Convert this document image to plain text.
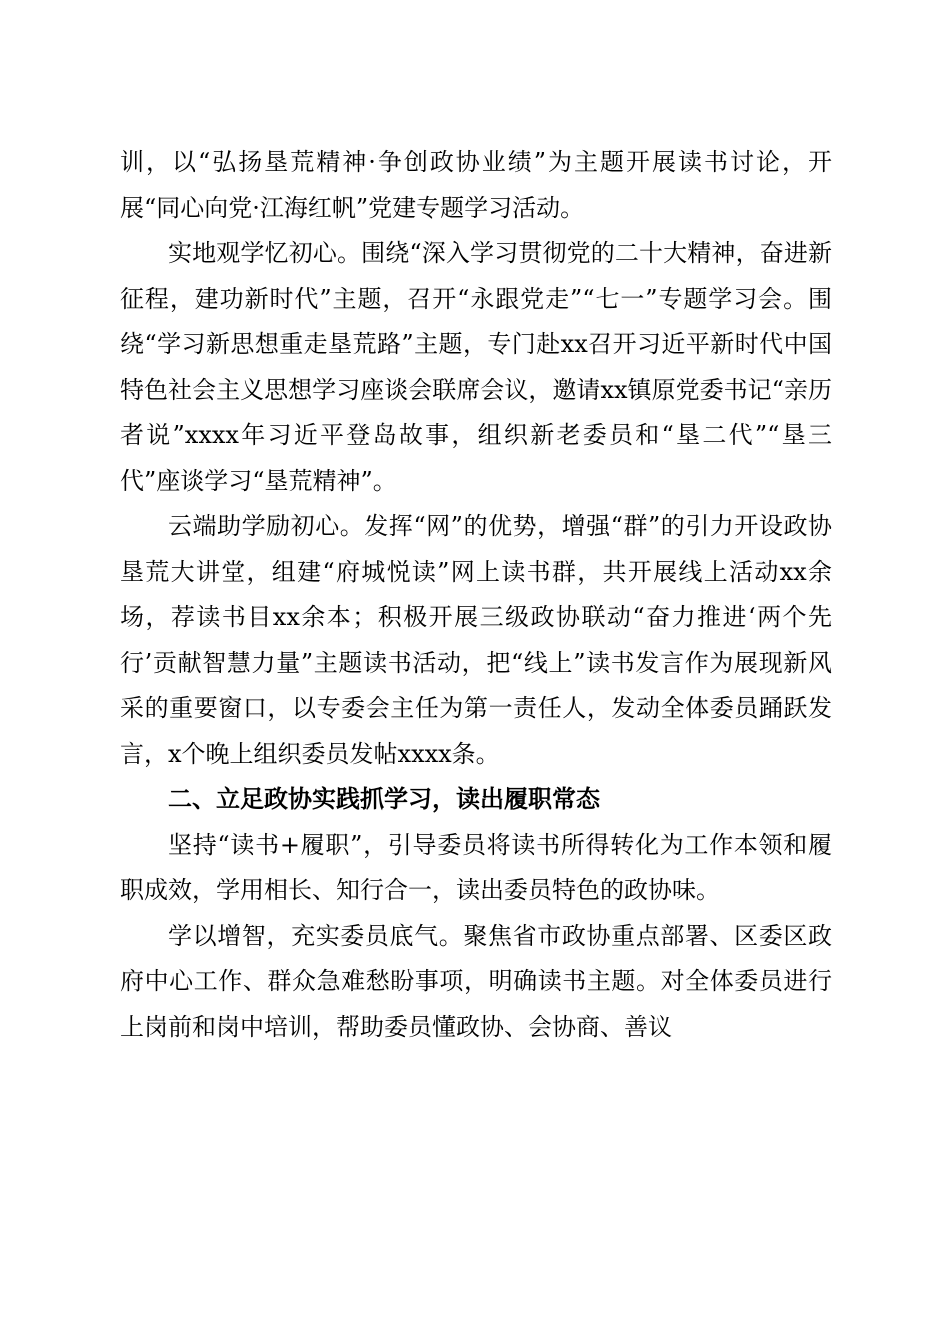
训，以“弘扬垦荒精神·争创政协业绩”为主题开展读书讨论，开展“同心向党·江海红帆”党建专题学习活动。

实地观学忆初心。围绕“深入学习贯彻党的二十大精神，奋进新征程，建功新时代”主题，召开“永跟党走”“七一”专题学习会。围绕“学习新思想重走垦荒路”主题，专门赴xx召开习近平新时代中国特色社会主义思想学习座谈会联席会议，邀请xx镇原党委书记“亲历者说”xxxx年习近平登岛故事，组织新老委员和“垦二代”“垦三代”座谈学习“垦荒精神”。

云端助学励初心。发挥“网”的优势，增强“群”的引力开设政协垦荒大讲堂，组建“府城悦读”网上读书群，共开展线上活动xx余场，荐读书目xx余本；积极开展三级政协联动“奋力推进‘两个先行’贡献智慧力量”主题读书活动，把“线上”读书发言作为展现新风采的重要窗口，以专委会主任为第一责任人，发动全体委员踊跃发言，x个晚上组织委员发帖xxxx条。

二、立足政协实践抓学习，读出履职常态

坚持“读书+履职”，引导委员将读书所得转化为工作本领和履职成效，学用相长、知行合一，读出委员特色的政协味。

学以增智，充实委员底气。聚焦省市政协重点部署、区委区政府中心工作、群众急难愁盼事项，明确读书主题。对全体委员进行上岗前和岗中培训，帮助委员懂政协、会协商、善议
